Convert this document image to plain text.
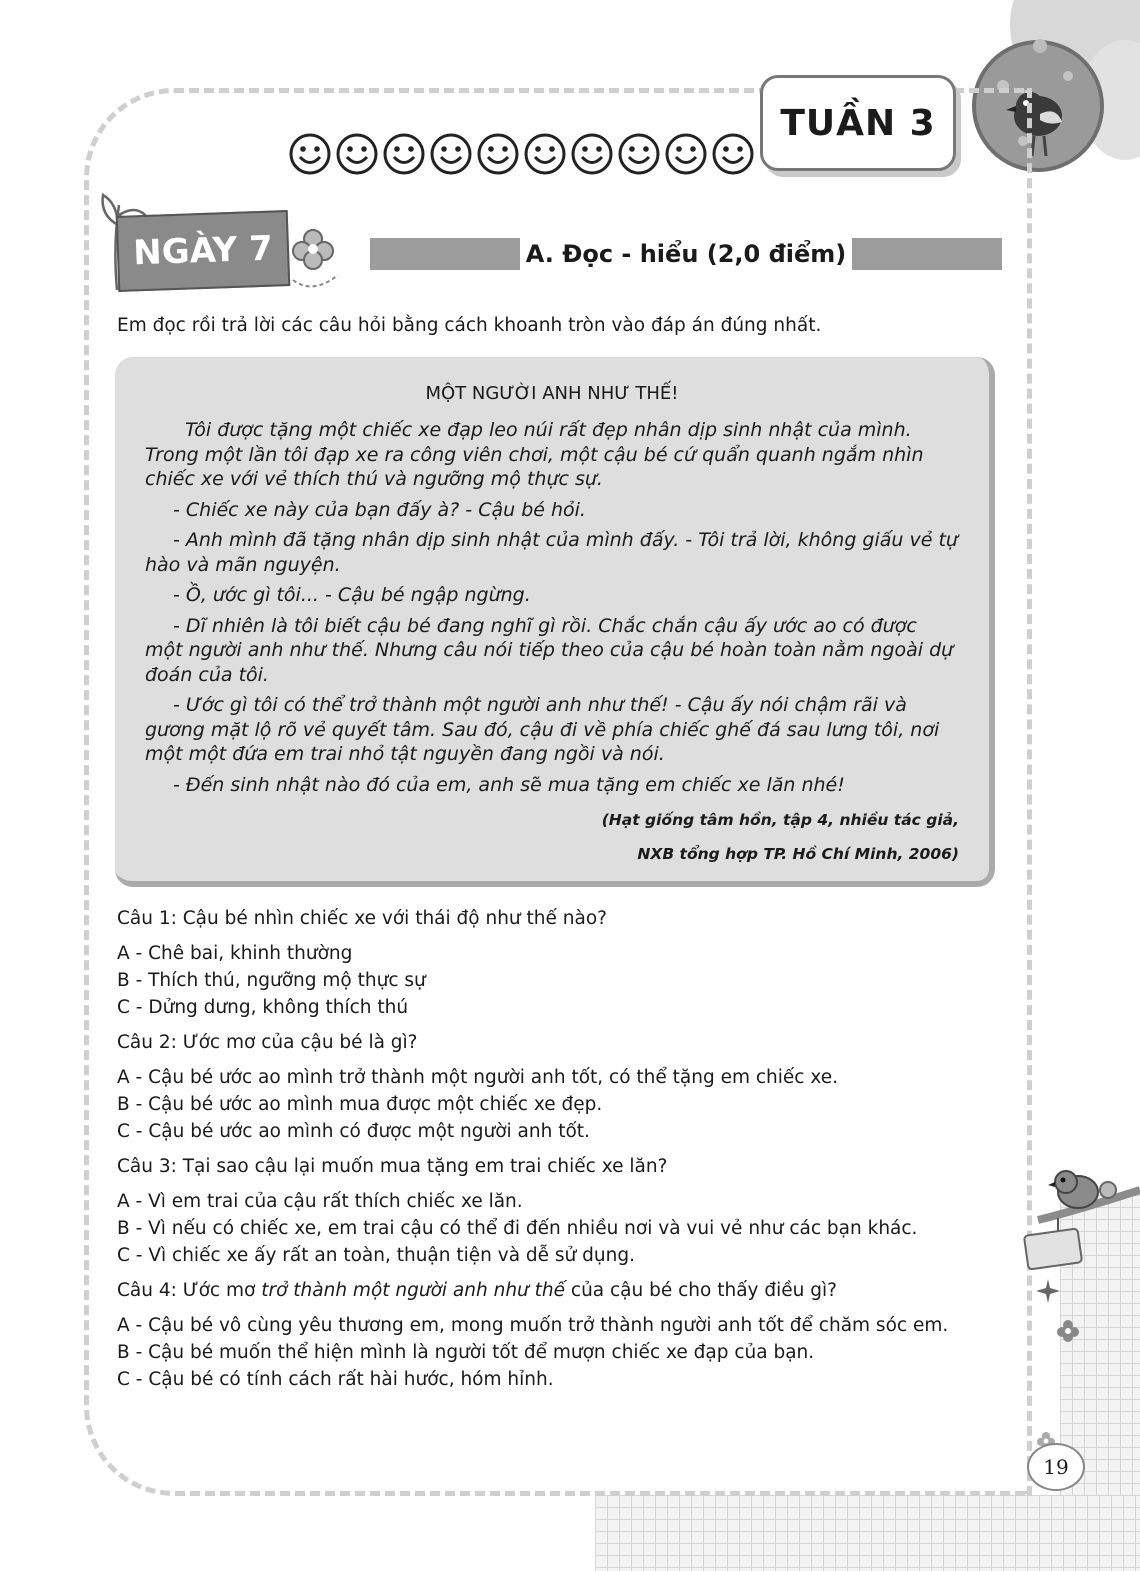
TUẦN 3
NGÀY 7	A. Đọc - hiểu (2,0 điểm)
Em đọc rồi trả lời các câu hỏi bằng cách khoanh tròn vào đáp án đúng nhất.
MỘT NGƯỜI ANH NHƯ THẾ!

Tôi được tặng một chiếc xe đạp leo núi rất đẹp nhân dịp sinh nhật của mình. Trong một lần tôi đạp xe ra công viên chơi, một cậu bé cứ quẩn quanh ngắm nhìn chiếc xe với vẻ thích thú và ngưỡng mộ thực sự.

- Chiếc xe này của bạn đấy à? - Cậu bé hỏi.

- Anh mình đã tặng nhân dịp sinh nhật của mình đấy. - Tôi trả lời, không giấu vẻ tự hào và mãn nguyện.

- Ồ, ước gì tôi... - Cậu bé ngập ngừng.

- Dĩ nhiên là tôi biết cậu bé đang nghĩ gì rồi. Chắc chắn cậu ấy ước ao có được một người anh như thế. Nhưng câu nói tiếp theo của cậu bé hoàn toàn nằm ngoài dự đoán của tôi.

- Ước gì tôi có thể trở thành một người anh như thế! - Cậu ấy nói chậm rãi và gương mặt lộ rõ vẻ quyết tâm. Sau đó, cậu đi về phía chiếc ghế đá sau lưng tôi, nơi một một đứa em trai nhỏ tật nguyền đang ngồi và nói.

- Đến sinh nhật nào đó của em, anh sẽ mua tặng em chiếc xe lăn nhé!

(Hạt giống tâm hồn, tập 4, nhiều tác giả,
NXB tổng hợp TP. Hồ Chí Minh, 2006)
Câu 1: Cậu bé nhìn chiếc xe với thái độ như thế nào?
A - Chê bai, khinh thường
B - Thích thú, ngưỡng mộ thực sự
C - Dửng dưng, không thích thú
Câu 2: Ước mơ của cậu bé là gì?
A - Cậu bé ước ao mình trở thành một người anh tốt, có thể tặng em chiếc xe.
B - Cậu bé ước ao mình mua được một chiếc xe đẹp.
C - Cậu bé ước ao mình có được một người anh tốt.
Câu 3: Tại sao cậu lại muốn mua tặng em trai chiếc xe lăn?
A - Vì em trai của cậu rất thích chiếc xe lăn.
B - Vì nếu có chiếc xe, em trai cậu có thể đi đến nhiều nơi và vui vẻ như các bạn khác.
C - Vì chiếc xe ấy rất an toàn, thuận tiện và dễ sử dụng.
Câu 4: Ước mơ trở thành một người anh như thế của cậu bé cho thấy điều gì?
A - Cậu bé vô cùng yêu thương em, mong muốn trở thành người anh tốt để chăm sóc em.
B - Cậu bé muốn thể hiện mình là người tốt để mượn chiếc xe đạp của bạn.
C - Cậu bé có tính cách rất hài hước, hóm hỉnh.
19
